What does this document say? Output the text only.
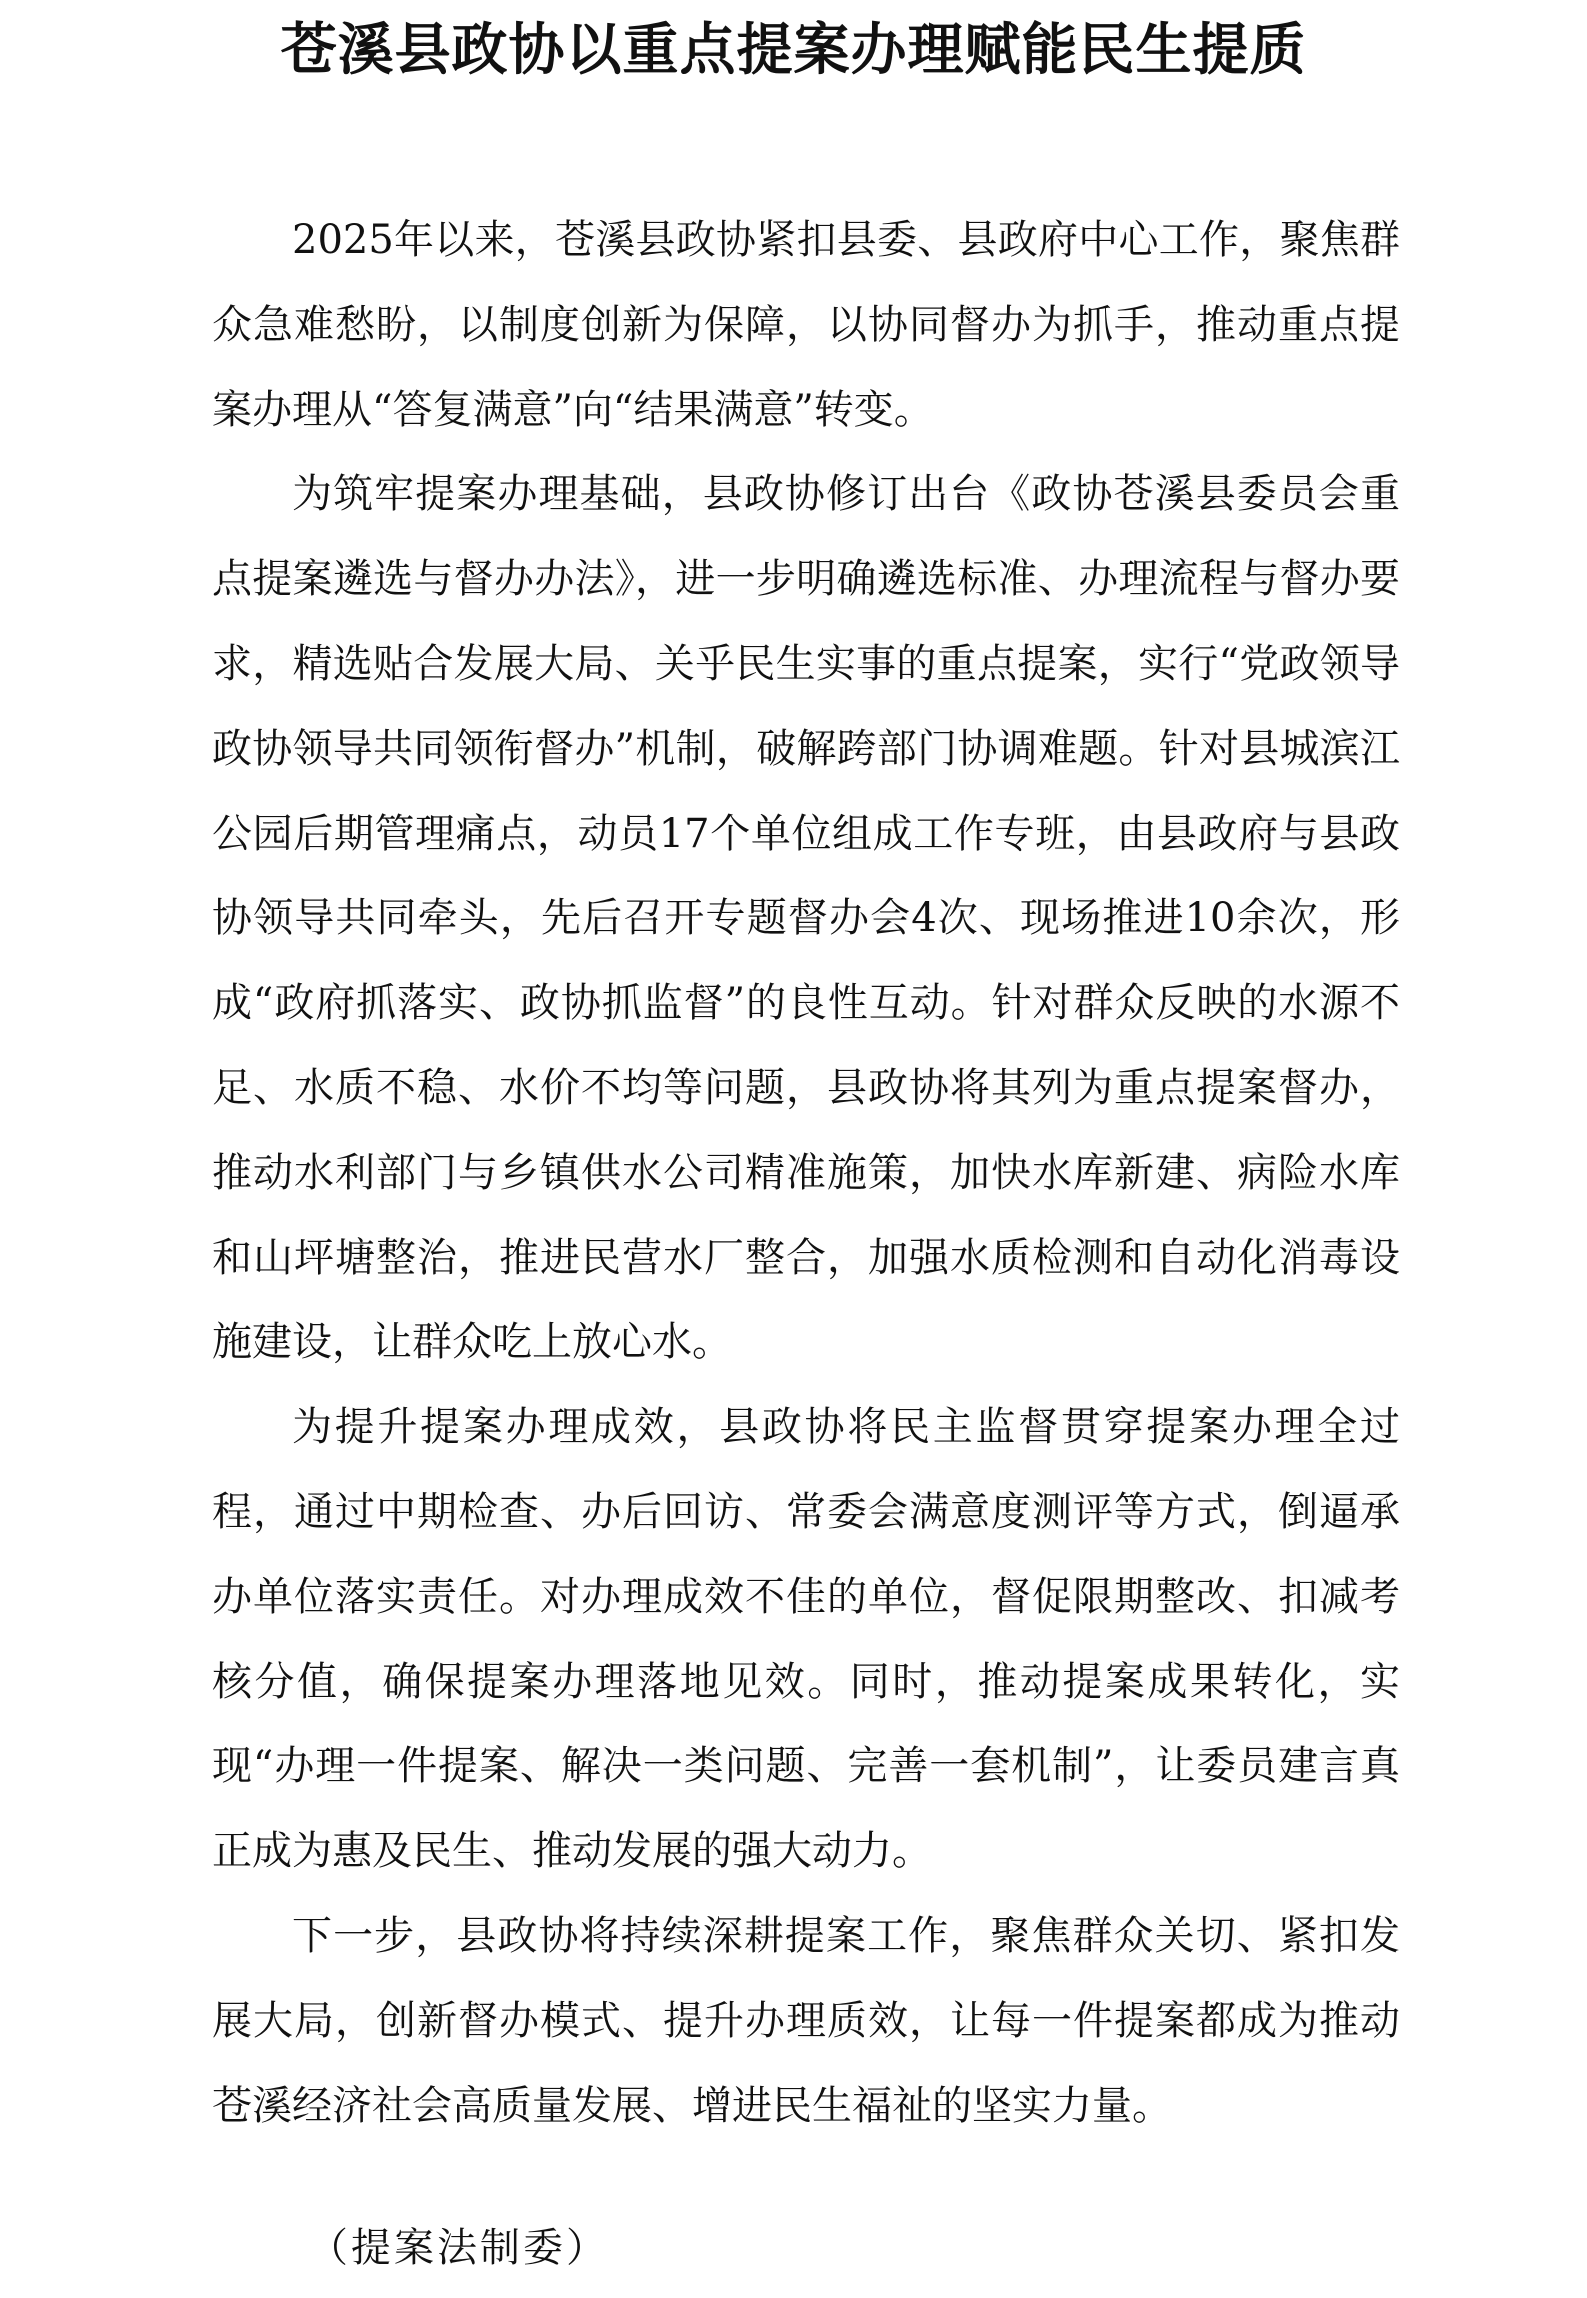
苍溪县政协以重点提案办理赋能民生提质

2025年以来，苍溪县政协紧扣县委、县政府中心工作，聚焦群众急难愁盼，以制度创新为保障，以协同督办为抓手，推动重点提案办理从“答复满意”向“结果满意”转变。

为筑牢提案办理基础，县政协修订出台《政协苍溪县委员会重点提案遴选与督办办法》，进一步明确遴选标准、办理流程与督办要求，精选贴合发展大局、关乎民生实事的重点提案，实行“党政领导政协领导共同领衔督办”机制，破解跨部门协调难题。针对县城滨江公园后期管理痛点，动员17个单位组成工作专班，由县政府与县政协领导共同牵头，先后召开专题督办会4次、现场推进10余次，形成“政府抓落实、政协抓监督”的良性互动。针对群众反映的水源不足、水质不稳、水价不均等问题，县政协将其列为重点提案督办，推动水利部门与乡镇供水公司精准施策，加快水库新建、病险水库和山坪塘整治，推进民营水厂整合，加强水质检测和自动化消毒设施建设，让群众吃上放心水。

为提升提案办理成效，县政协将民主监督贯穿提案办理全过程，通过中期检查、办后回访、常委会满意度测评等方式，倒逼承办单位落实责任。对办理成效不佳的单位，督促限期整改、扣减考核分值，确保提案办理落地见效。同时，推动提案成果转化，实现“办理一件提案、解决一类问题、完善一套机制”，让委员建言真正成为惠及民生、推动发展的强大动力。

下一步，县政协将持续深耕提案工作，聚焦群众关切、紧扣发展大局，创新督办模式、提升办理质效，让每一件提案都成为推动苍溪经济社会高质量发展、增进民生福祉的坚实力量。

（提案法制委）
